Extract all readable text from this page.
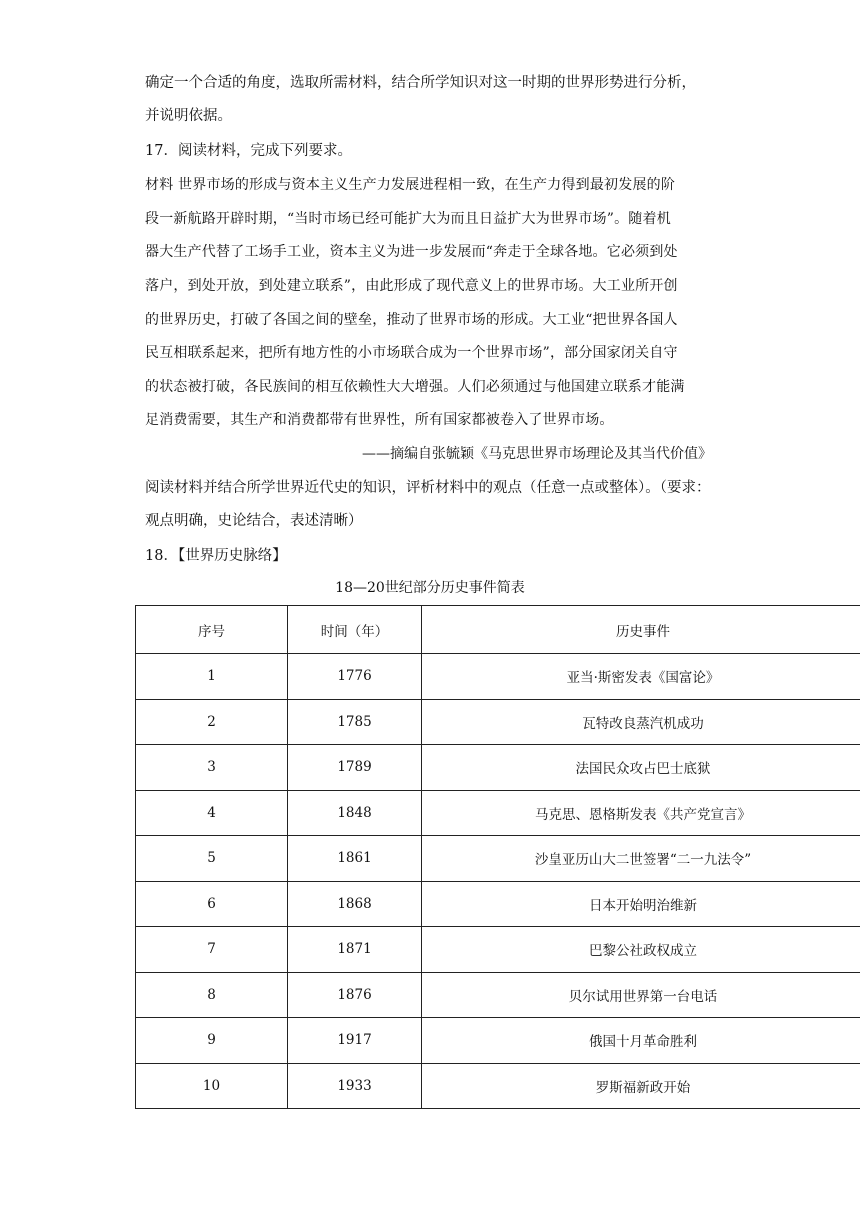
确定一个合适的角度，选取所需材料，结合所学知识对这一时期的世界形势进行分析，
并说明依据。
17．阅读材料，完成下列要求。
材料 世界市场的形成与资本主义生产力发展进程相一致，在生产力得到最初发展的阶
段一新航路开辟时期，“当时市场已经可能扩大为而且日益扩大为世界市场”。随着机
器大生产代替了工场手工业，资本主义为进一步发展而“奔走于全球各地。它必须到处
落户，到处开放，到处建立联系”，由此形成了现代意义上的世界市场。大工业所开创
的世界历史，打破了各国之间的壁垒，推动了世界市场的形成。大工业“把世界各国人
民互相联系起来，把所有地方性的小市场联合成为一个世界市场”，部分国家闭关自守
的状态被打破，各民族间的相互依赖性大大增强。人们必须通过与他国建立联系才能满
足消费需要，其生产和消费都带有世界性，所有国家都被卷入了世界市场。
——摘编自张毓颖《马克思世界市场理论及其当代价值》
阅读材料并结合所学世界近代史的知识，评析材料中的观点（任意一点或整体）。（要求：
观点明确，史论结合，表述清晰）
18．【世界历史脉络】
18—20世纪部分历史事件简表
序号	时间（年）	历史事件
1	1776	亚当·斯密发表《国富论》
2	1785	瓦特改良蒸汽机成功
3	1789	法国民众攻占巴士底狱
4	1848	马克思、恩格斯发表《共产党宣言》
5	1861	沙皇亚历山大二世签署“二一九法令”
6	1868	日本开始明治维新
7	1871	巴黎公社政权成立
8	1876	贝尔试用世界第一台电话
9	1917	俄国十月革命胜利
10	1933	罗斯福新政开始
